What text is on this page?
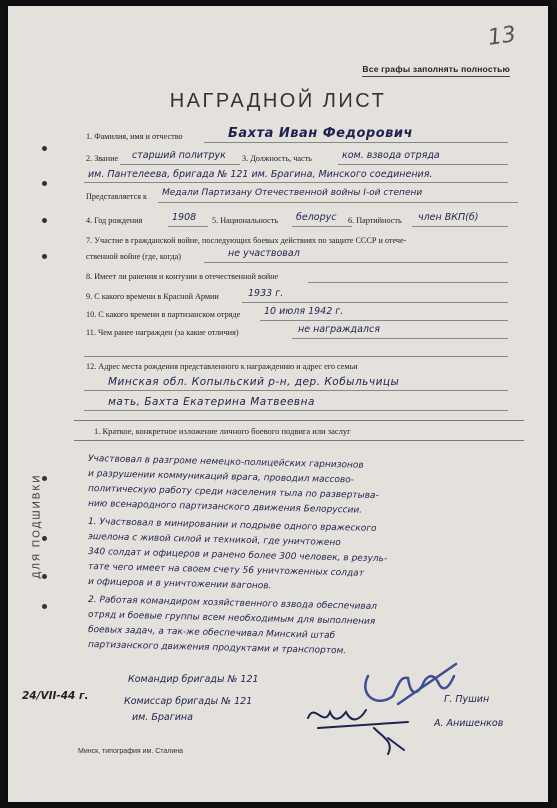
13
Все графы заполнять полностью
НАГРАДНОЙ ЛИСТ
ДЛЯ ПОДШИВКИ
1. Фамилия, имя и отчество	Бахта Иван Федорович
2. Звание старший политрук 3. Должность, часть	ком. взвода отряда
им. Пантелеева, бригада № 121 им. Брагина, Минского соединения.
Представляется к Медали Партизану Отечественной войны I-ой степени
4. Год рождения	1908 5. Национальность белорус 6. Партийность член ВКП(б)
7. Участие в гражданской войне, последующих боевых действиях по защите СССР и отече-
ственной войне (где, когда)	не участвовал
8. Имеет ли ранения и контузии в отечественной войне
9. С какого времени в Красной Армии	1933 г.
10. С какого времени в партизанском отряде 10 июля 1942 г.
11. Чем ранее награжден (за какие отличия)	не награждался
12. Адрес места рождения представленного к награждению и адрес его семьи
Минская обл. Копыльский р-н, дер. Кобыльчицы
мать, Бахта Екатерина Матвеевна
1. Краткое, конкретное изложение личного боевого подвига или заслуг
Участвовал в разгроме немецко-полицейских гарнизонов
и разрушении коммуникаций врага, проводил массово-
политическую работу среди населения тыла по развертыва-
нию всенародного партизанского движения Белоруссии.
1. Участвовал в минировании и подрыве одного вражеского
эшелона с живой силой и техникой, где уничтожено
340 солдат и офицеров и ранено более 300 человек, в резуль-
тате чего имеет на своем счету 56 уничтоженных солдат
и офицеров и в уничтожении вагонов.
2. Работая командиром хозяйственного взвода обеспечивал
отряд и боевые группы всем необходимым для выполнения
боевых задач, а так-же обеспечивал Минский штаб
партизанского движения продуктами и транспортом.
Командир бригады № 121
Комиссар бригады № 121
им. Брагина
Г. Пушин
А. Анишенков
24/VII-44 г.
Минск, типография им. Сталина
